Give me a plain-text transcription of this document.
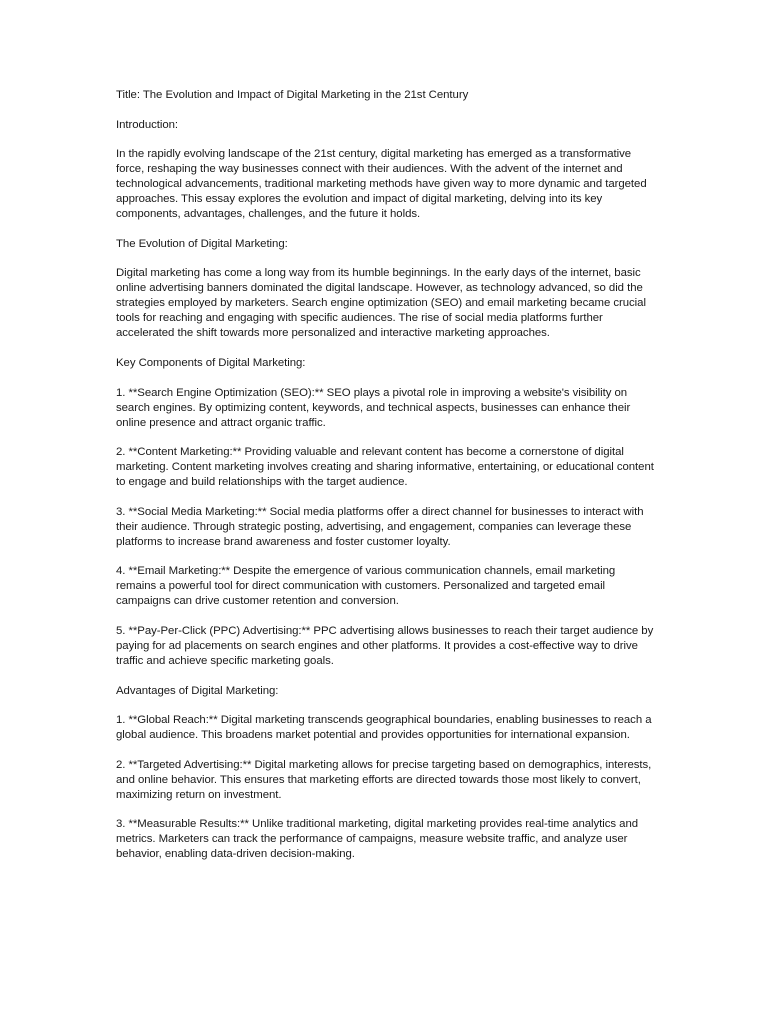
Title: The Evolution and Impact of Digital Marketing in the 21st Century

Introduction:

In the rapidly evolving landscape of the 21st century, digital marketing has emerged as a transformative force, reshaping the way businesses connect with their audiences. With the advent of the internet and technological advancements, traditional marketing methods have given way to more dynamic and targeted approaches. This essay explores the evolution and impact of digital marketing, delving into its key components, advantages, challenges, and the future it holds.

The Evolution of Digital Marketing:

Digital marketing has come a long way from its humble beginnings. In the early days of the internet, basic online advertising banners dominated the digital landscape. However, as technology advanced, so did the strategies employed by marketers. Search engine optimization (SEO) and email marketing became crucial tools for reaching and engaging with specific audiences. The rise of social media platforms further accelerated the shift towards more personalized and interactive marketing approaches.

Key Components of Digital Marketing:

1. **Search Engine Optimization (SEO):** SEO plays a pivotal role in improving a website's visibility on search engines. By optimizing content, keywords, and technical aspects, businesses can enhance their online presence and attract organic traffic.

2. **Content Marketing:** Providing valuable and relevant content has become a cornerstone of digital marketing. Content marketing involves creating and sharing informative, entertaining, or educational content to engage and build relationships with the target audience.

3. **Social Media Marketing:** Social media platforms offer a direct channel for businesses to interact with their audience. Through strategic posting, advertising, and engagement, companies can leverage these platforms to increase brand awareness and foster customer loyalty.

4. **Email Marketing:** Despite the emergence of various communication channels, email marketing remains a powerful tool for direct communication with customers. Personalized and targeted email campaigns can drive customer retention and conversion.

5. **Pay-Per-Click (PPC) Advertising:** PPC advertising allows businesses to reach their target audience by paying for ad placements on search engines and other platforms. It provides a cost-effective way to drive traffic and achieve specific marketing goals.

Advantages of Digital Marketing:

1. **Global Reach:** Digital marketing transcends geographical boundaries, enabling businesses to reach a global audience. This broadens market potential and provides opportunities for international expansion.

2. **Targeted Advertising:** Digital marketing allows for precise targeting based on demographics, interests, and online behavior. This ensures that marketing efforts are directed towards those most likely to convert, maximizing return on investment.

3. **Measurable Results:** Unlike traditional marketing, digital marketing provides real-time analytics and metrics. Marketers can track the performance of campaigns, measure website traffic, and analyze user behavior, enabling data-driven decision-making.
